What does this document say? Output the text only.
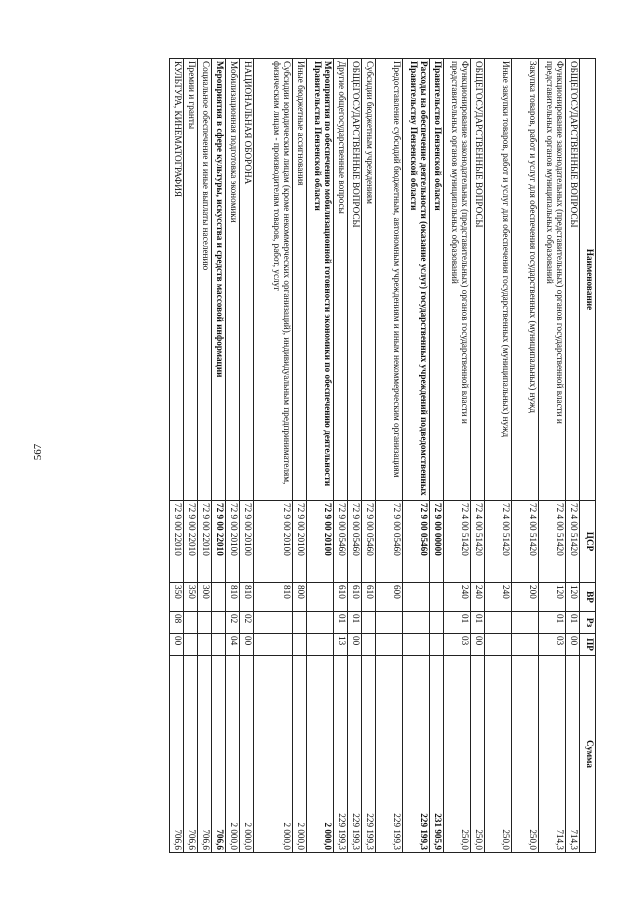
567
Наименование	ЦСР	ВР	Рз	ПР	Сумма
ОБЩЕГОСУДАРСТВЕННЫЕ ВОПРОСЫ	72 4 00 51420	120	01	00	714,3
Функционирование законодательных (представительных) органов государственной власти и представительных органов муниципальных образований	72 4 00 51420	120	01	03	714,3
Закупка товаров, работ и услуг для обеспечения государственных (муниципальных) нужд	72 4 00 51420	200			250,0
Иные закупки товаров, работ и услуг для обеспечения государственных (муниципальных) нужд	72 4 00 51420	240			250,0
ОБЩЕГОСУДАРСТВЕННЫЕ ВОПРОСЫ	72 4 00 51420	240	01	00	250,0
Функционирование законодательных (представительных) органов государственной власти и представительных органов муниципальных образований	72 4 00 51420	240	01	03	250,0
Правительство Пензенской области	72 9 00 00000				231 905,9
Расходы на обеспечение деятельности (оказание услуг) государственных учреждений подведомственных Правительству Пензенской области	72 9 00 05460				229 199,3
Предоставление субсидий бюджетным, автономным учреждениям и иным некоммерческим организациям	72 9 00 05460	600			229 199,3
Субсидии бюджетным учреждениям	72 9 00 05460	610			229 199,3
ОБЩЕГОСУДАРСТВЕННЫЕ ВОПРОСЫ	72 9 00 05460	610	01	00	229 199,3
Другие общегосударственные вопросы	72 9 00 05460	610	01	13	229 199,3
Мероприятия по обеспечению мобилизационной готовности экономики по обеспечению деятельности Правительства Пензенской области	72 9 00 20100				2 000,0
Иные бюджетные ассигнования	72 9 00 20100	800			2 000,0
Субсидии юридическим лицам (кроме некоммерческих организаций), индивидуальным предпринимателям, физическим лицам - производителям товаров, работ, услуг	72 9 00 20100	810			2 000,0
НАЦИОНАЛЬНАЯ ОБОРОНА	72 9 00 20100	810	02	00	2 000,0
Мобилизационная подготовка экономики	72 9 00 20100	810	02	04	2 000,0
Мероприятия в сфере культуры, искусства и средств массовой информации	72 9 00 22010				706,6
Социальное обеспечение и иные выплаты населению	72 9 00 22010	300			706,6
Премии и гранты	72 9 00 22010	350			706,6
КУЛЬТУРА, КИНЕМАТОГРАФИЯ	72 9 00 22010	350	08	00	706,6
